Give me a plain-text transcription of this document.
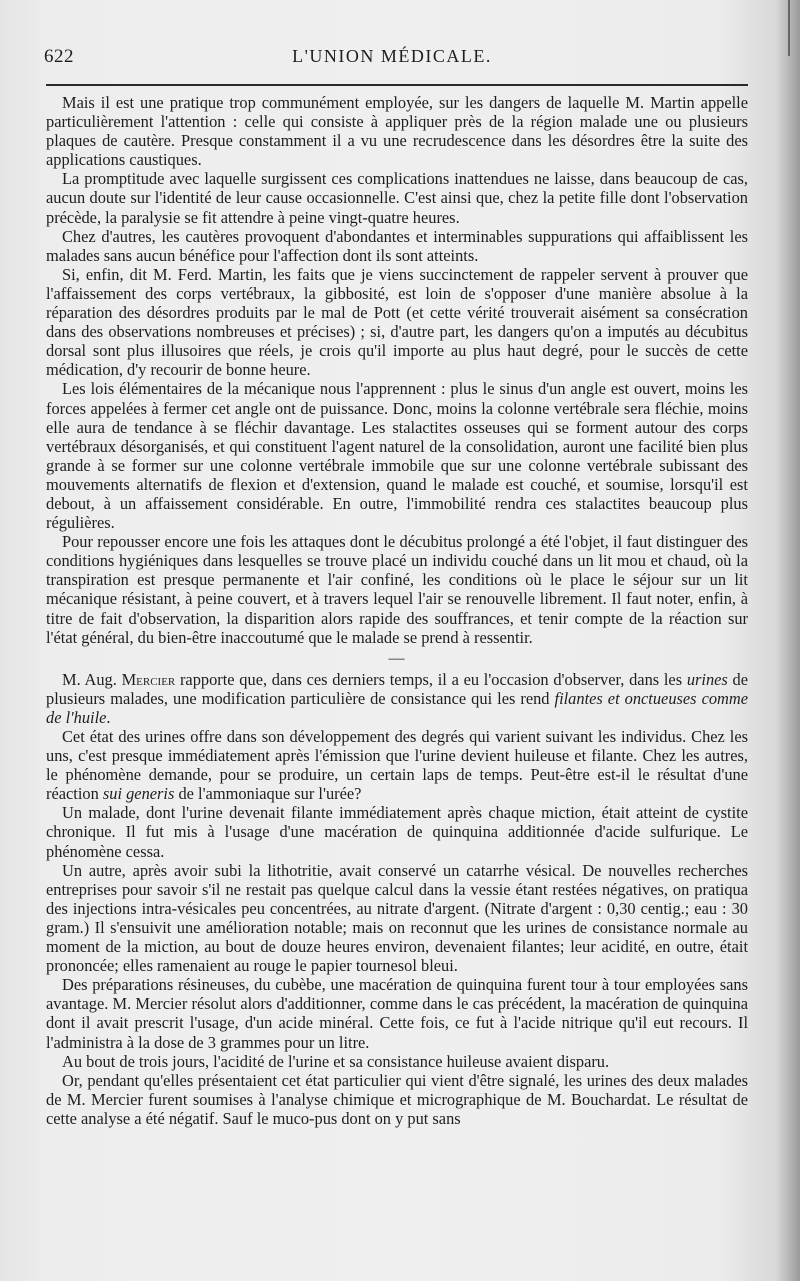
622	L'UNION MÉDICALE.

Mais il est une pratique trop communément employée, sur les dangers de laquelle M. Martin appelle particulièrement l'attention : celle qui consiste à appliquer près de la région malade une ou plusieurs plaques de cautère. Presque constamment il a vu une recrudescence dans les désordres être la suite des applications caustiques.

La promptitude avec laquelle surgissent ces complications inattendues ne laisse, dans beaucoup de cas, aucun doute sur l'identité de leur cause occasionnelle. C'est ainsi que, chez la petite fille dont l'observation précède, la paralysie se fit attendre à peine vingt-quatre heures.

Chez d'autres, les cautères provoquent d'abondantes et interminables suppurations qui affaiblissent les malades sans aucun bénéfice pour l'affection dont ils sont atteints.

Si, enfin, dit M. Ferd. Martin, les faits que je viens succinctement de rappeler servent à prouver que l'affaissement des corps vertébraux, la gibbosité, est loin de s'opposer d'une manière absolue à la réparation des désordres produits par le mal de Pott (et cette vérité trouverait aisément sa consécration dans des observations nombreuses et précises) ; si, d'autre part, les dangers qu'on a imputés au décubitus dorsal sont plus illusoires que réels, je crois qu'il importe au plus haut degré, pour le succès de cette médication, d'y recourir de bonne heure.

Les lois élémentaires de la mécanique nous l'apprennent : plus le sinus d'un angle est ouvert, moins les forces appelées à fermer cet angle ont de puissance. Donc, moins la colonne vertébrale sera fléchie, moins elle aura de tendance à se fléchir davantage. Les stalactites osseuses qui se forment autour des corps vertébraux désorganisés, et qui constituent l'agent naturel de la consolidation, auront une facilité bien plus grande à se former sur une colonne vertébrale immobile que sur une colonne vertébrale subissant des mouvements alternatifs de flexion et d'extension, quand le malade est couché, et soumise, lorsqu'il est debout, à un affaissement considérable. En outre, l'immobilité rendra ces stalactites beaucoup plus régulières.

Pour repousser encore une fois les attaques dont le décubitus prolongé a été l'objet, il faut distinguer des conditions hygiéniques dans lesquelles se trouve placé un individu couché dans un lit mou et chaud, où la transpiration est presque permanente et l'air confiné, les conditions où le place le séjour sur un lit mécanique résistant, à peine couvert, et à travers lequel l'air se renouvelle librement. Il faut noter, enfin, à titre de fait d'observation, la disparition alors rapide des souffrances, et tenir compte de la réaction sur l'état général, du bien-être inaccoutumé que le malade se prend à ressentir.

—

M. Aug. Mercier rapporte que, dans ces derniers temps, il a eu l'occasion d'observer, dans les urines de plusieurs malades, une modification particulière de consistance qui les rend filantes et onctueuses comme de l'huile.

Cet état des urines offre dans son développement des degrés qui varient suivant les individus. Chez les uns, c'est presque immédiatement après l'émission que l'urine devient huileuse et filante. Chez les autres, le phénomène demande, pour se produire, un certain laps de temps. Peut-être est-il le résultat d'une réaction sui generis de l'ammoniaque sur l'urée?

Un malade, dont l'urine devenait filante immédiatement après chaque miction, était atteint de cystite chronique. Il fut mis à l'usage d'une macération de quinquina additionnée d'acide sulfurique. Le phénomène cessa.

Un autre, après avoir subi la lithotritie, avait conservé un catarrhe vésical. De nouvelles recherches entreprises pour savoir s'il ne restait pas quelque calcul dans la vessie étant restées négatives, on pratiqua des injections intra-vésicales peu concentrées, au nitrate d'argent. (Nitrate d'argent : 0,30 centig.; eau : 30 gram.) Il s'ensuivit une amélioration notable; mais on reconnut que les urines de consistance normale au moment de la miction, au bout de douze heures environ, devenaient filantes; leur acidité, en outre, était prononcée; elles ramenaient au rouge le papier tournesol bleui.

Des préparations résineuses, du cubèbe, une macération de quinquina furent tour à tour employées sans avantage. M. Mercier résolut alors d'additionner, comme dans le cas précédent, la macération de quinquina dont il avait prescrit l'usage, d'un acide minéral. Cette fois, ce fut à l'acide nitrique qu'il eut recours. Il l'administra à la dose de 3 grammes pour un litre.

Au bout de trois jours, l'acidité de l'urine et sa consistance huileuse avaient disparu.

Or, pendant qu'elles présentaient cet état particulier qui vient d'être signalé, les urines des deux malades de M. Mercier furent soumises à l'analyse chimique et micrographique de M. Bouchardat. Le résultat de cette analyse a été négatif. Sauf le muco-pus dont on y put sans
